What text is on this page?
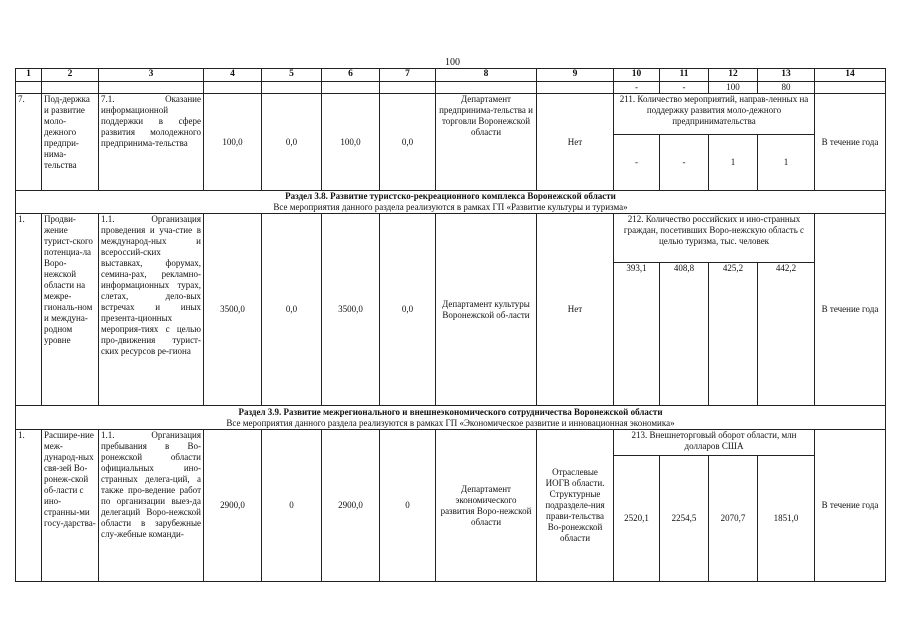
100
1	2	3	4	5	6	7	8	9	10	11	12	13	14
									-	-	100	80	
7.	Под-держка и развитие моло-дежного предпри-нима-тельства	7.1. Оказание информационной поддержки в сфере развития молодежного предпринима-тельства	100,0	0,0	100,0	0,0	Департамент предпринима-тельства и торговли Воронежской области	Нет	211. Количество мероприятий, направ-ленных на поддержку развития моло-дежного предпринимательства				В течение года
									-	-	1	1	

Раздел 3.8. Развитие туристско-рекреационного комплекса Воронежской области
Все мероприятия данного раздела реализуются в рамках ГП «Развитие культуры и туризма»													

1.	Продви-жение турист-ского потенциа-ла Воро-нежской области на межре-гиональ-ном и междуна-родном уровне	1.1. Организация проведения и уча-стие в международ-ных и всероссий-ских выставках, форумах, семина-рах, рекламно-информационных турах, слетах, дело-вых встречах и иных презента-ционных мероприя-тиях с целью про-движения турист-ских ресурсов ре-гиона	3500,0	0,0	3500,0	0,0	Департамент культуры Воронежской об-ласти	Нет	212. Количество российских и ино-странных граждан, посетивших Воро-нежскую область с целью туризма, тыс. человек				В течение года
									393,1	408,8	425,2	442,2	

Раздел 3.9. Развитие межрегионального и внешнеэкономического сотрудничества Воронежской области
Все мероприятия данного раздела реализуются в рамках ГП «Экономическое развитие и инновационная экономика»													

1.	Расшире-ние меж-дународ-ных свя-зей Во-ронеж-ской об-ласти с ино-странны-ми госу-дарства-	1.1. Организация пребывания в Во-ронежской области официальных ино-странных делега-ций, а также про-ведение работ по организации выез-да делегаций Воро-нежской области в зарубежные слу-жебные команди-	2900,0	0	2900,0	0	Департамент экономического развития Воро-нежской области	Отраслевые ИОГВ области. Структурные подразделе-ния прави-тельства Во-ронежской области	213. Внешнеторговый оборот области, млн долларов США				В течение года
									2520,1	2254,5	2070,7	1851,0	
